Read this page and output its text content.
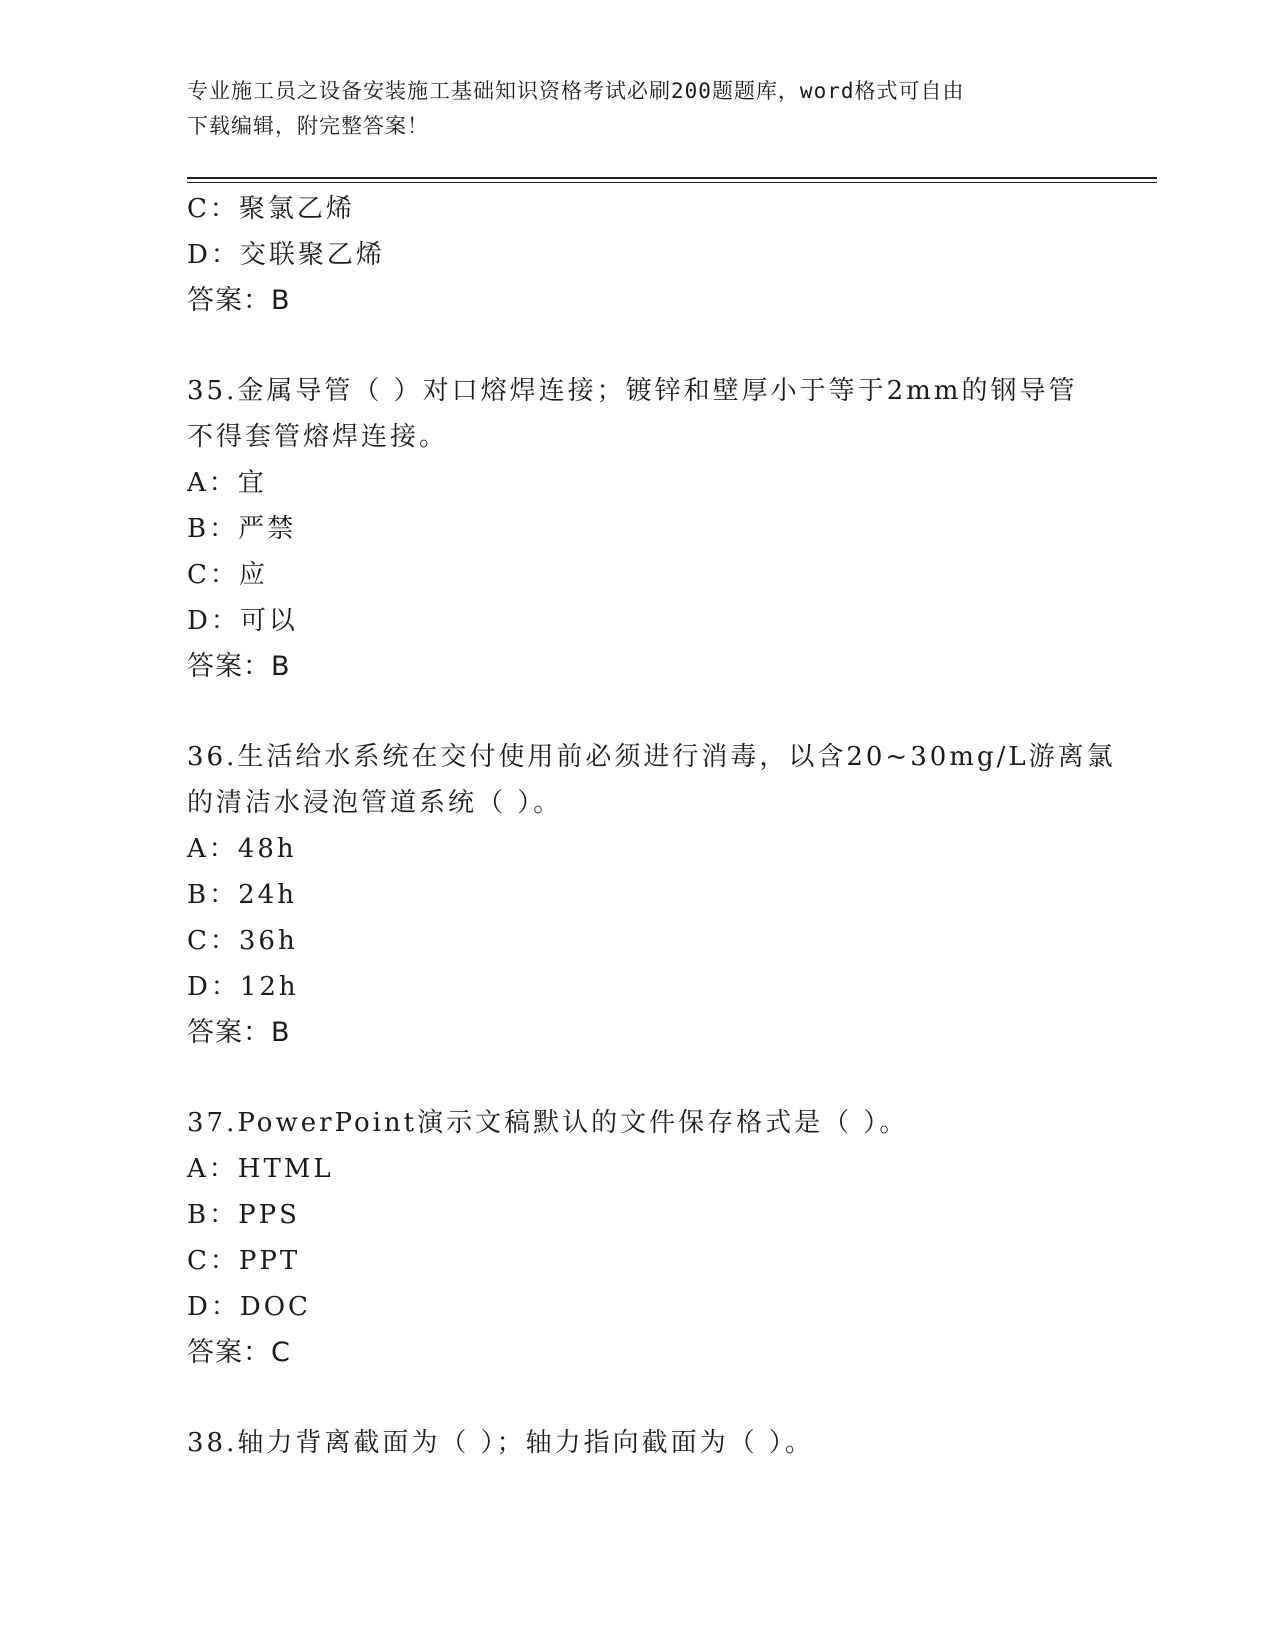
专业施工员之设备安装施工基础知识资格考试必刷200题题库，word格式可自由
下载编辑，附完整答案！
C：聚氯乙烯
D：交联聚乙烯
答案：B
35.金属导管（ ）对口熔焊连接；镀锌和壁厚小于等于2mm的钢导管
不得套管熔焊连接。
A：宜
B：严禁
C：应
D：可以
答案：B
36.生活给水系统在交付使用前必须进行消毒，以含20~30mg/L游离氯
的清洁水浸泡管道系统（ ）。
A：48h
B：24h
C：36h
D：12h
答案：B
37.PowerPoint演示文稿默认的文件保存格式是（ ）。
A：HTML
B：PPS
C：PPT
D：DOC
答案：C
38.轴力背离截面为（ ）；轴力指向截面为（ ）。
